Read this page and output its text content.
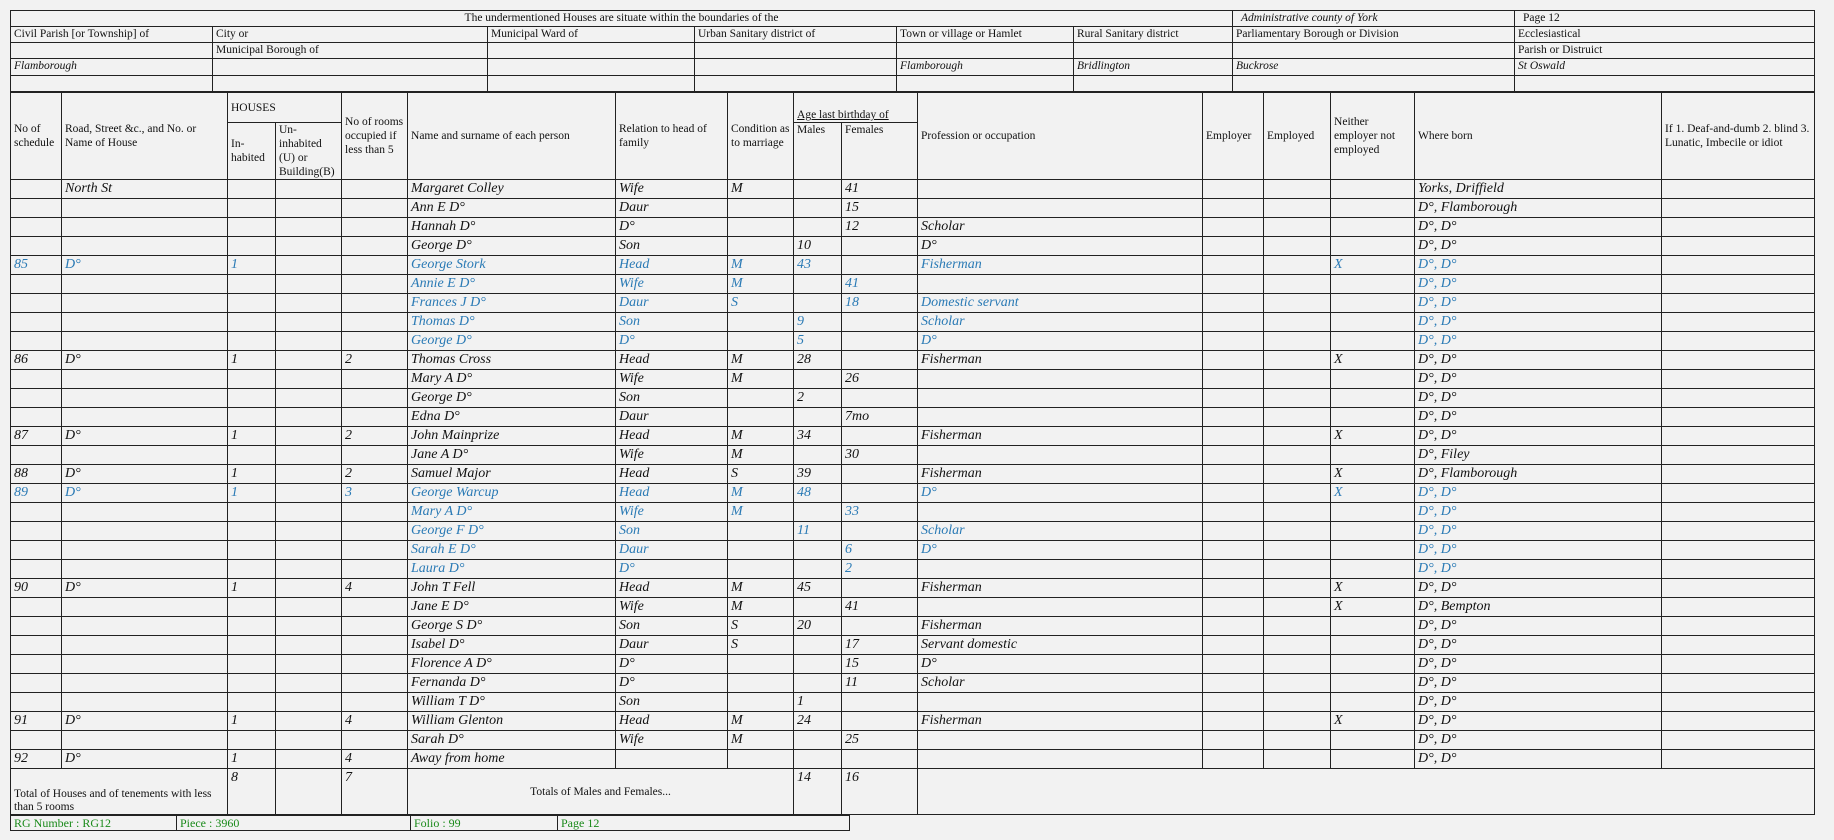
The undermentioned Houses are situate within the boundaries of the						Administrative county of York	Page 12
Civil Parish [or Township] of	City or	Municipal Ward of	Urban Sanitary district of	Town or village or Hamlet	Rural Sanitary district	Parliamentary Borough or Division	Ecclesiastical
	Municipal Borough of						Parish or Distruict
Flamborough				Flamborough	Bridlington	Buckrose	St Oswald

No of schedule	Road, Street &c., and No. or Name of House	HOUSES		No of rooms occupied if less than 5	Name and surname of each person	Relation to head of family	Condition as to marriage	Age last birthday of		Profession or occupation	Employer	Employed	Neither employer not employed	Where born	If 1. Deaf-and-dumb 2. blind 3. Lunatic, Imbecile or idiot
		In- habited	Un- inhabited (U) or Building(B)					Males	Females						
	North St				Margaret Colley	Wife	M		41					Yorks, Driffield	
					Ann E D°	Daur			15					D°, Flamborough	
					Hannah D°	D°			12	Scholar				D°, D°	
					George D°	Son		10		D°				D°, D°	
85	D°	1			George Stork	Head	M	43		Fisherman			X	D°, D°	
					Annie E D°	Wife	M		41					D°, D°	
					Frances J D°	Daur	S		18	Domestic servant				D°, D°	
					Thomas D°	Son		9		Scholar				D°, D°	
					George D°	D°		5		D°				D°, D°	
86	D°	1		2	Thomas Cross	Head	M	28		Fisherman			X	D°, D°	
					Mary A D°	Wife	M		26					D°, D°	
					George D°	Son		2						D°, D°	
					Edna D°	Daur			7mo					D°, D°	
87	D°	1		2	John Mainprize	Head	M	34		Fisherman			X	D°, D°	
					Jane A D°	Wife	M		30					D°, Filey	
88	D°	1		2	Samuel Major	Head	S	39		Fisherman			X	D°, Flamborough	
89	D°	1		3	George Warcup	Head	M	48		D°			X	D°, D°	
					Mary A D°	Wife	M		33					D°, D°	
					George F D°	Son		11		Scholar				D°, D°	
					Sarah E D°	Daur			6	D°				D°, D°	
					Laura D°	D°			2					D°, D°	
90	D°	1		4	John T Fell	Head	M	45		Fisherman			X	D°, D°	
					Jane E D°	Wife	M		41				X	D°, Bempton	
					George S D°	Son	S	20		Fisherman				D°, D°	
					Isabel D°	Daur	S		17	Servant domestic				D°, D°	
					Florence A D°	D°			15	D°				D°, D°	
					Fernanda D°	D°			11	Scholar				D°, D°	
					William T D°	Son		1						D°, D°	
91	D°	1		4	William Glenton	Head	M	24		Fisherman			X	D°, D°	
					Sarah D°	Wife	M		25					D°, D°	
92	D°	1		4	Away from home									D°, D°	
Total of Houses and of tenements with less than 5 rooms		8		7	Totals of Males and Females...			14	16						
RG Number : RG12	Piece : 3960	Folio : 99	Page 12
